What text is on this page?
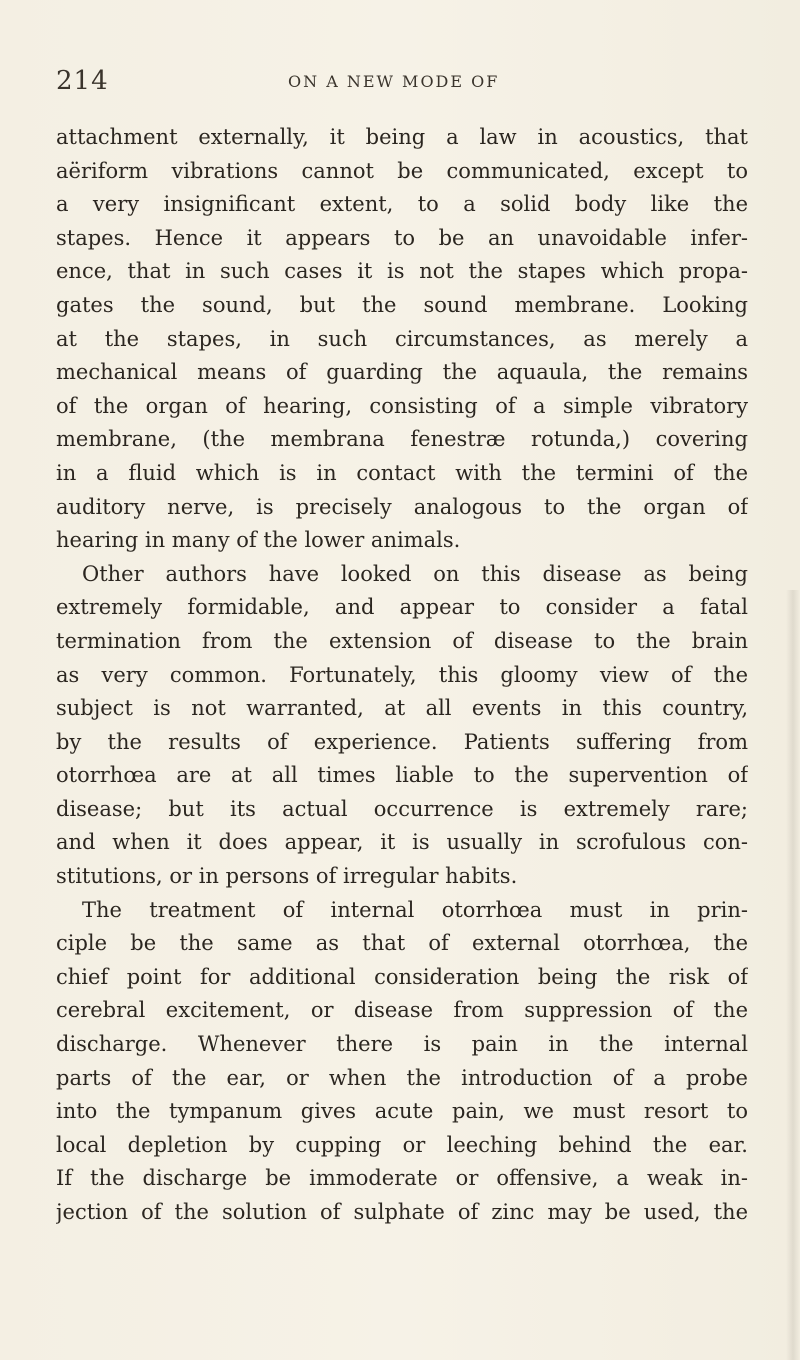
214	ON A NEW MODE OF
attachment externally, it being a law in acoustics, that
aëriform vibrations cannot be communicated, except to
a very insignificant extent, to a solid body like the
stapes. Hence it appears to be an unavoidable infer-
ence, that in such cases it is not the stapes which propa-
gates the sound, but the sound membrane. Looking
at the stapes, in such circumstances, as merely a
mechanical means of guarding the aquaula, the remains
of the organ of hearing, consisting of a simple vibratory
membrane, (the membrana fenestræ rotunda,) covering
in a fluid which is in contact with the termini of the
auditory nerve, is precisely analogous to the organ of
hearing in many of the lower animals.
Other authors have looked on this disease as being
extremely formidable, and appear to consider a fatal
termination from the extension of disease to the brain
as very common. Fortunately, this gloomy view of the
subject is not warranted, at all events in this country,
by the results of experience. Patients suffering from
otorrhœa are at all times liable to the supervention of
disease; but its actual occurrence is extremely rare;
and when it does appear, it is usually in scrofulous con-
stitutions, or in persons of irregular habits.
The treatment of internal otorrhœa must in prin-
ciple be the same as that of external otorrhœa, the
chief point for additional consideration being the risk of
cerebral excitement, or disease from suppression of the
discharge. Whenever there is pain in the internal
parts of the ear, or when the introduction of a probe
into the tympanum gives acute pain, we must resort to
local depletion by cupping or leeching behind the ear.
If the discharge be immoderate or offensive, a weak in-
jection of the solution of sulphate of zinc may be used, the
